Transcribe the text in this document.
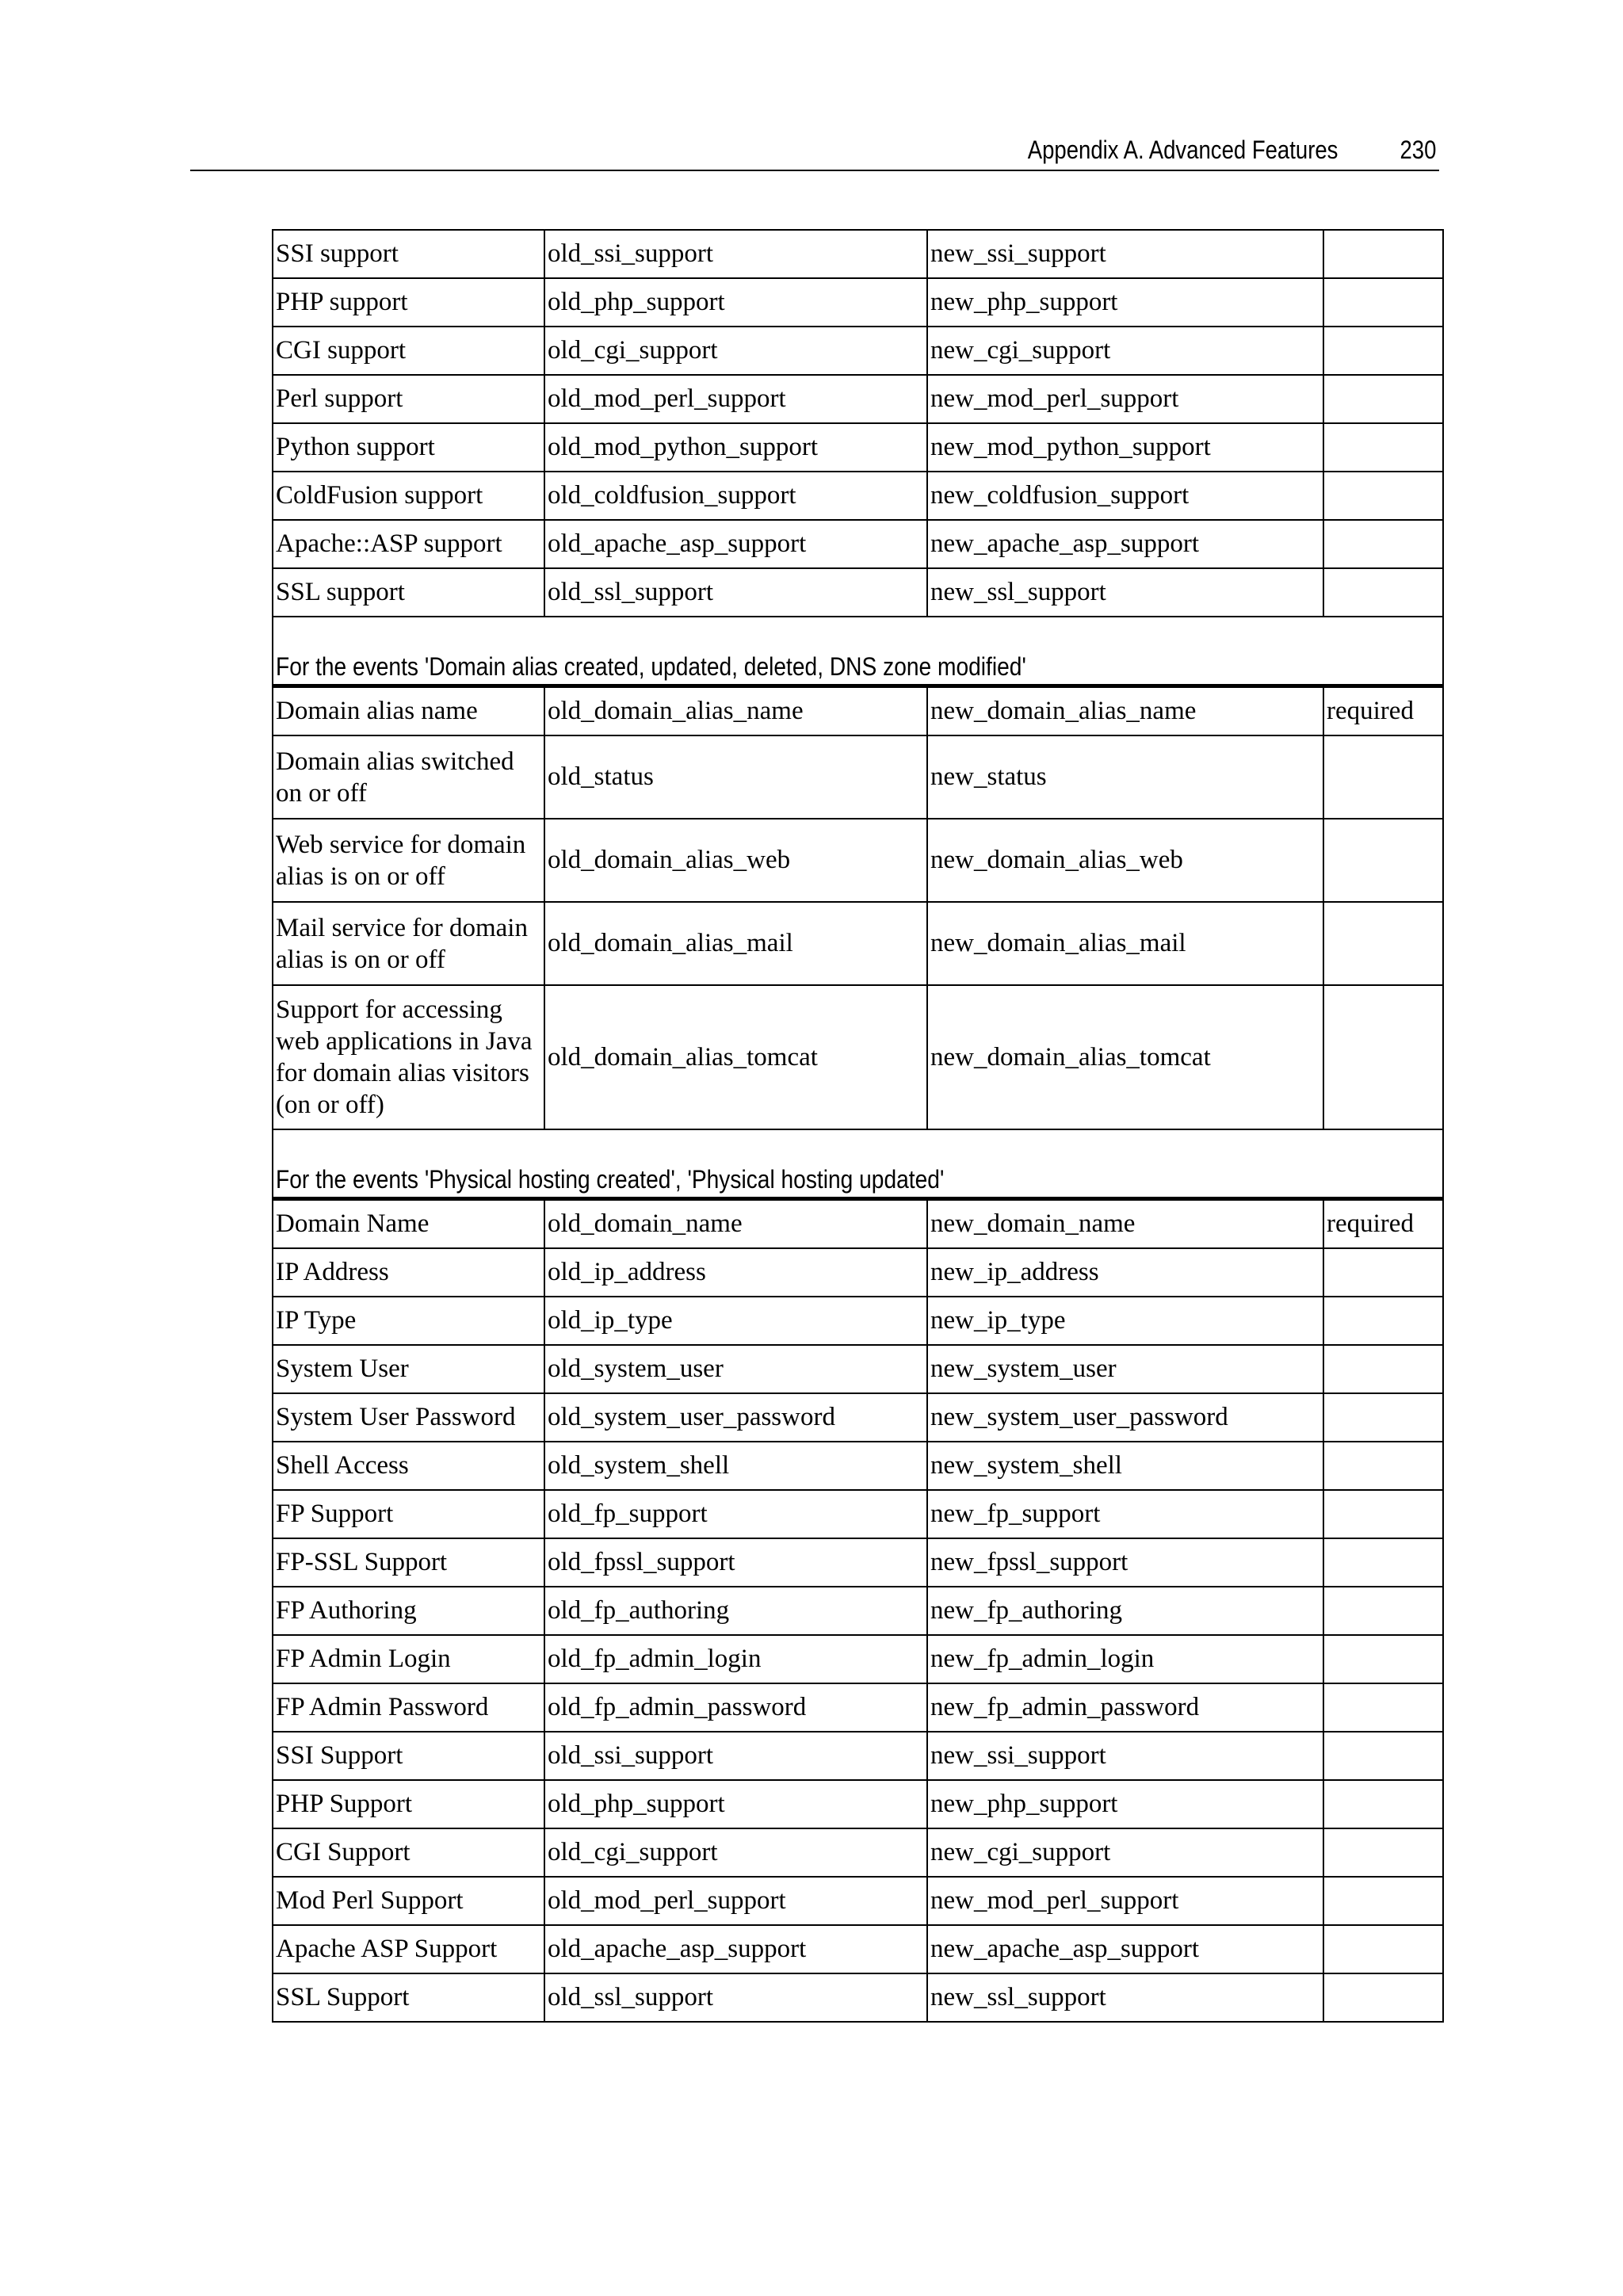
Appendix A. Advanced Features 230
SSI support	old_ssi_support	new_ssi_support	
PHP support	old_php_support	new_php_support	
CGI support	old_cgi_support	new_cgi_support	
Perl support	old_mod_perl_support	new_mod_perl_support	
Python support	old_mod_python_support	new_mod_python_support	
ColdFusion support	old_coldfusion_support	new_coldfusion_support	
Apache::ASP support	old_apache_asp_support	new_apache_asp_support	
SSL support	old_ssl_support	new_ssl_support	
For the events 'Domain alias created, updated, deleted, DNS zone modified'			
Domain alias name	old_domain_alias_name	new_domain_alias_name	required
Domain alias switched on or off	old_status	new_status	
Web service for domain alias is on or off	old_domain_alias_web	new_domain_alias_web	
Mail service for domain alias is on or off	old_domain_alias_mail	new_domain_alias_mail	
Support for accessing web applications in Java for domain alias visitors (on or off)	old_domain_alias_tomcat	new_domain_alias_tomcat	
For the events 'Physical hosting created', 'Physical hosting updated'			
Domain Name	old_domain_name	new_domain_name	required
IP Address	old_ip_address	new_ip_address	
IP Type	old_ip_type	new_ip_type	
System User	old_system_user	new_system_user	
System User Password	old_system_user_password	new_system_user_password	
Shell Access	old_system_shell	new_system_shell	
FP Support	old_fp_support	new_fp_support	
FP-SSL Support	old_fpssl_support	new_fpssl_support	
FP Authoring	old_fp_authoring	new_fp_authoring	
FP Admin Login	old_fp_admin_login	new_fp_admin_login	
FP Admin Password	old_fp_admin_password	new_fp_admin_password	
SSI Support	old_ssi_support	new_ssi_support	
PHP Support	old_php_support	new_php_support	
CGI Support	old_cgi_support	new_cgi_support	
Mod Perl Support	old_mod_perl_support	new_mod_perl_support	
Apache ASP Support	old_apache_asp_support	new_apache_asp_support	
SSL Support	old_ssl_support	new_ssl_support	
